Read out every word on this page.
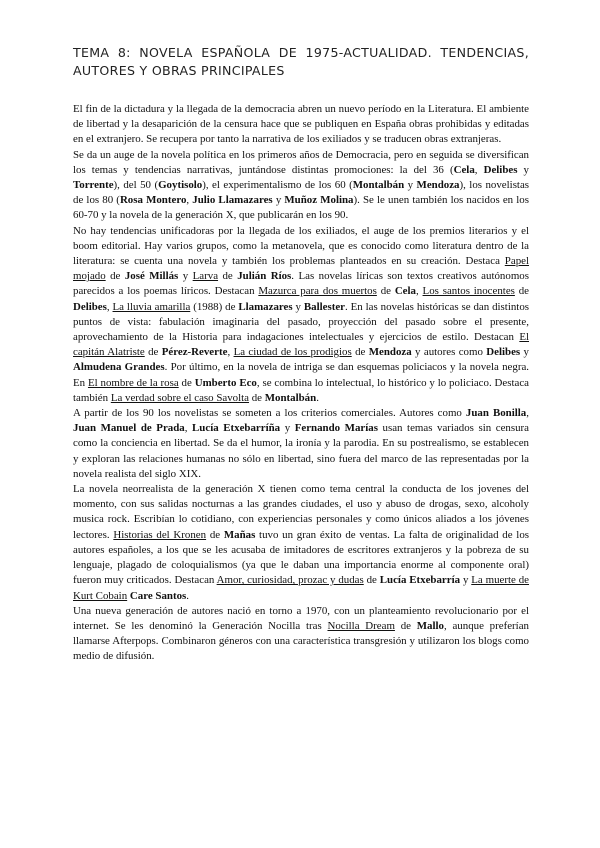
TEMA 8: NOVELA ESPAÑOLA DE 1975-ACTUALIDAD. TENDENCIAS, AUTORES Y OBRAS PRINCIPALES

El fin de la dictadura y la llegada de la democracia abren un nuevo período en la Literatura. El ambiente de libertad y la desaparición de la censura hace que se publiquen en España obras prohibidas y editadas en el extranjero. Se recupera por tanto la narrativa de los exiliados y se traducen obras extranjeras.

Se da un auge de la novela política en los primeros años de Democracia, pero en seguida se diversifican los temas y tendencias narrativas, juntándose distintas promociones: la del 36 (Cela, Delibes y Torrente), del 50 (Goytisolo), el experimentalismo de los 60 (Montalbán y Mendoza), los novelistas de los 80 (Rosa Montero, Julio Llamazares y Muñoz Molina). Se le unen también los nacidos en los 60-70 y la novela de la generación X, que publicarán en los 90.

No hay tendencias unificadoras por la llegada de los exiliados, el auge de los premios literarios y el boom editorial. Hay varios grupos, como la metanovela, que es conocido como literatura dentro de la literatura: se cuenta una novela y también los problemas planteados en su creación. Destaca Papel mojado de José Millás y Larva de Julián Ríos. Las novelas líricas son textos creativos autónomos parecidos a los poemas líricos. Destacan Mazurca para dos muertos de Cela, Los santos inocentes de Delibes, La lluvia amarilla (1988) de Llamazares y Ballester. En las novelas históricas se dan distintos puntos de vista: fabulación imaginaria del pasado, proyección del pasado sobre el presente, aprovechamiento de la Historia para indagaciones intelectuales y ejercicios de estilo. Destacan El capitán Alatriste de Pérez-Reverte, La ciudad de los prodigios de Mendoza y autores como Delibes y Almudena Grandes. Por último, en la novela de intriga se dan esquemas policiacos y la novela negra. En El nombre de la rosa de Umberto Eco, se combina lo intelectual, lo histórico y lo policiaco. Destaca también La verdad sobre el caso Savolta de Montalbán.

A partir de los 90 los novelistas se someten a los criterios comerciales. Autores como Juan Bonilla, Juan Manuel de Prada, Lucía Etxebarríña y Fernando Marías usan temas variados sin censura como la conciencia en libertad. Se da el humor, la ironía y la parodia. En su postrealismo, se establecen y exploran las relaciones humanas no sólo en libertad, sino fuera del marco de las representadas por la novela realista del siglo XIX.

La novela neorrealista de la generación X tienen como tema central la conducta de los jovenes del momento, con sus salidas nocturnas a las grandes ciudades, el uso y abuso de drogas, sexo, alcoholy musica rock. Escribían lo cotidiano, con experiencias personales y como únicos aliados a los jóvenes lectores. Historias del Kronen de Mañas tuvo un gran éxito de ventas. La falta de originalidad de los autores españoles, a los que se les acusaba de imitadores de escritores extranjeros y la pobreza de su lenguaje, plagado de coloquialismos (ya que le daban una importancia enorme al componente oral) fueron muy criticados. Destacan Amor, curiosidad, prozac y dudas de Lucía Etxebarría y La muerte de Kurt Cobain Care Santos.

Una nueva generación de autores nació en torno a 1970, con un planteamiento revolucionario por el internet. Se les denominó la Generación Nocilla tras Nocilla Dream de Mallo, aunque preferían llamarse Afterpops. Combinaron géneros con una característica transgresión y utilizaron los blogs como medio de difusión.
